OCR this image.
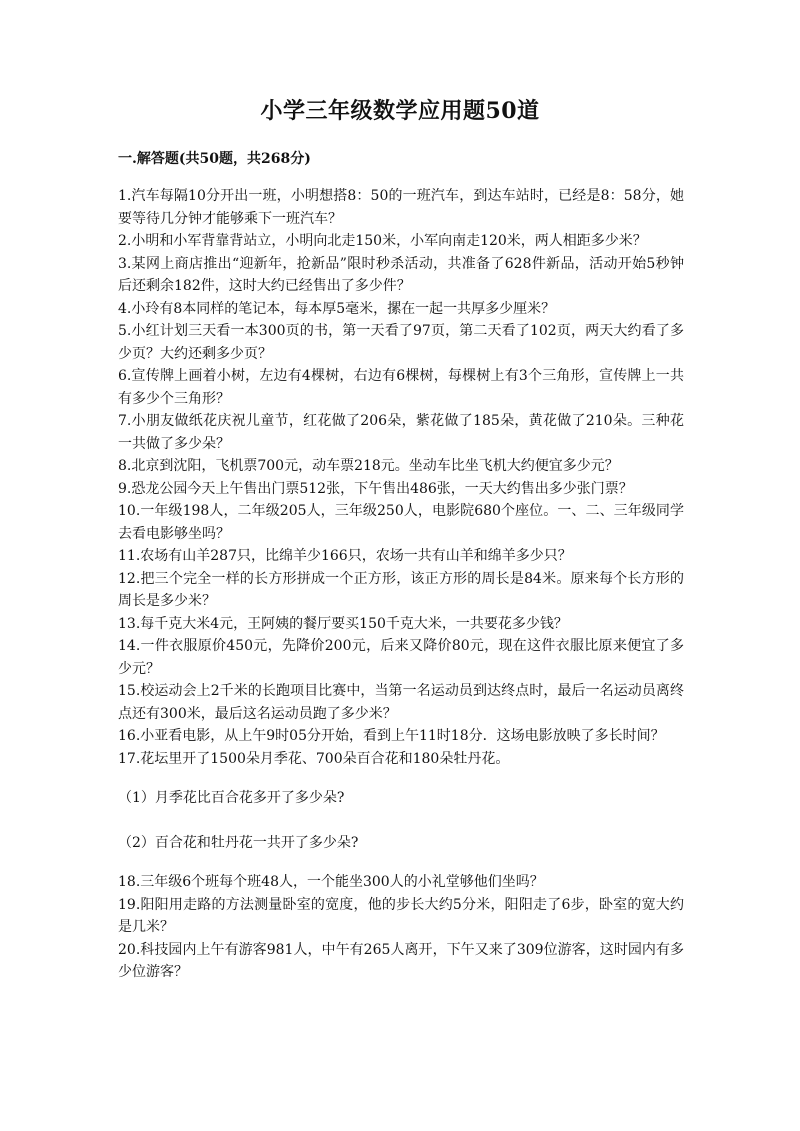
小学三年级数学应用题50道
一.解答题(共50题，共268分)

1.汽车每隔10分开出一班，小明想搭8：50的一班汽车，到达车站时，已经是8：58分，她要等待几分钟才能够乘下一班汽车？

2.小明和小军背靠背站立，小明向北走150米，小军向南走120米，两人相距多少米？

3.某网上商店推出“迎新年，抢新品”限时秒杀活动，共准备了628件新品，活动开始5秒钟后还剩余182件，这时大约已经售出了多少件？

4.小玲有8本同样的笔记本，每本厚5毫米，摞在一起一共厚多少厘米？

5.小红计划三天看一本300页的书，第一天看了97页，第二天看了102页，两天大约看了多少页？大约还剩多少页？

6.宣传牌上画着小树，左边有4棵树，右边有6棵树，每棵树上有3个三角形，宣传牌上一共有多少个三角形？

7.小朋友做纸花庆祝儿童节，红花做了206朵，紫花做了185朵，黄花做了210朵。三种花一共做了多少朵？

8.北京到沈阳，飞机票700元，动车票218元。坐动车比坐飞机大约便宜多少元？

9.恐龙公园今天上午售出门票512张，下午售出486张，一天大约售出多少张门票？

10.一年级198人，二年级205人，三年级250人，电影院680个座位。一、二、三年级同学去看电影够坐吗？

11.农场有山羊287只，比绵羊少166只，农场一共有山羊和绵羊多少只？

12.把三个完全一样的长方形拼成一个正方形，该正方形的周长是84米。原来每个长方形的周长是多少米？

13.每千克大米4元，王阿姨的餐厅要买150千克大米，一共要花多少钱？

14.一件衣服原价450元，先降价200元，后来又降价80元，现在这件衣服比原来便宜了多少元？

15.校运动会上2千米的长跑项目比赛中，当第一名运动员到达终点时，最后一名运动员离终点还有300米，最后这名运动员跑了多少米？

16.小亚看电影，从上午9时05分开始，看到上午11时18分．这场电影放映了多长时间？

17.花坛里开了1500朵月季花、700朵百合花和180朵牡丹花。

（1）月季花比百合花多开了多少朵?

（2）百合花和牡丹花一共开了多少朵?

18.三年级6个班每个班48人，一个能坐300人的小礼堂够他们坐吗？

19.阳阳用走路的方法测量卧室的宽度，他的步长大约5分米，阳阳走了6步，卧室的宽大约是几米？

20.科技园内上午有游客981人，中午有265人离开，下午又来了309位游客，这时园内有多少位游客？
